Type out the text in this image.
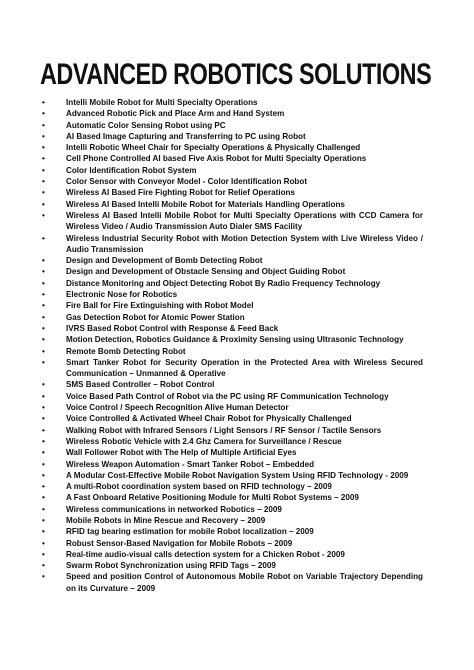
ADVANCED ROBOTICS SOLUTIONS
•	Intelli Mobile Robot for Multi Specialty Operations
•	Advanced Robotic Pick and Place Arm and Hand System
•	Automatic Color Sensing Robot using PC
•	AI Based Image Capturing and Transferring to PC using Robot
•	Intelli Robotic Wheel Chair for Specialty Operations & Physically Challenged
•	Cell Phone Controlled AI based Five Axis Robot for Multi Specialty Operations
•	Color Identification Robot System
•	Color Sensor with Conveyor Model - Color Identification Robot
•	Wireless AI Based Fire Fighting Robot for Relief Operations
•	Wireless AI Based Intelli Mobile Robot for Materials Handling Operations
•	Wireless AI Based Intelli Mobile Robot for Multi Specialty Operations with CCD Camera for Wireless Video / Audio Transmission Auto Dialer SMS Facility
•	Wireless Industrial Security Robot with Motion Detection System with Live Wireless Video / Audio Transmission
•	Design and Development of Bomb Detecting Robot
•	Design and Development of Obstacle Sensing and Object Guiding Robot
•	Distance Monitoring and Object Detecting Robot By Radio Frequency Technology
•	Electronic Nose for Robotics
•	Fire Ball for Fire Extinguishing with Robot Model
•	Gas Detection Robot for Atomic Power Station
•	IVRS Based Robot Control with Response & Feed Back
•	Motion Detection, Robotics Guidance & Proximity Sensing using Ultrasonic Technology
•	Remote Bomb Detecting Robot
•	Smart Tanker Robot for Security Operation in the Protected Area with Wireless Secured Communication – Unmanned & Operative
•	SMS Based Controller – Robot Control
•	Voice Based Path Control of Robot via the PC using RF Communication Technology
•	Voice Control / Speech Recognition Alive Human Detector
•	Voice Controlled & Activated Wheel Chair Robot for Physically Challenged
•	Walking Robot with Infrared Sensors / Light Sensors / RF Sensor / Tactile Sensors
•	Wireless Robotic Vehicle with 2.4 Ghz Camera for Surveillance / Rescue
•	Wall Follower Robot with The Help of Multiple Artificial Eyes
•	Wireless Weapon Automation - Smart Tanker Robot – Embedded
•	A Modular Cost-Effective Mobile Robot Navigation System Using RFID Technology - 2009
•	A multi-Robot coordination system based on RFID technology – 2009
•	A Fast Onboard Relative Positioning Module for Multi Robot Systems – 2009
•	Wireless communications in networked Robotics – 2009
•	Mobile Robots in Mine Rescue and Recovery – 2009
•	RFID tag bearing estimation for mobile Robot localization – 2009
•	Robust Sensor-Based Navigation for Mobile Robots – 2009
•	Real-time audio-visual calls detection system for a Chicken Robot - 2009
•	Swarm Robot Synchronization using RFID Tags – 2009
•	Speed and position Control of Autonomous Mobile Robot on Variable Trajectory Depending on its Curvature – 2009
